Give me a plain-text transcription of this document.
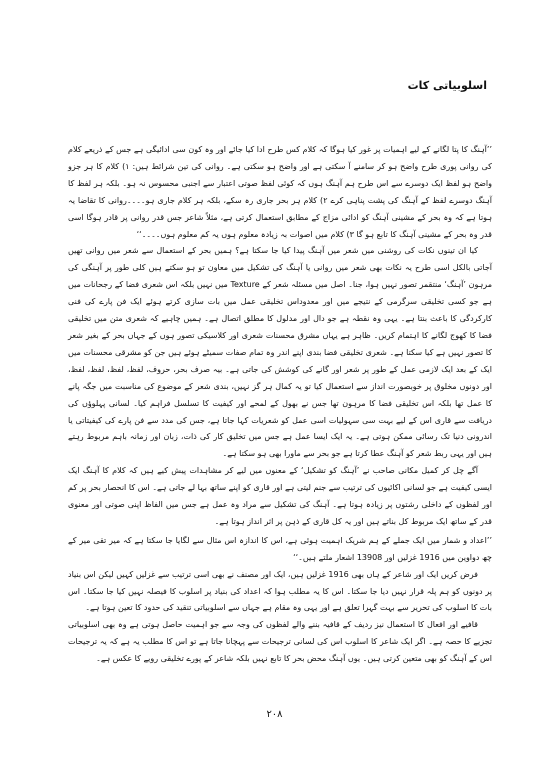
اسلوبیاتی کات

’’آہنگ کا پتا لگانے کے لیے اہمیات پر غور کیا ہوگا کہ کلام کس طرح ادا کیا جائے اور وہ کون سی ادائیگی ہے جس کے ذریعے کلام کی روانی پوری طرح واضح ہو کر سامنے آ سکتی ہے اور واضح ہو سکتی ہے۔ روانی کی تین شرائط ہیں: ۱) کلام کا ہر جزو واضح ہو لفظ ایک دوسرے سے اس طرح ہم آہنگ ہوں کہ کوئی لفظ صوتی اعتبار سے اجنبی محسوس نہ ہو۔ بلکہ ہر لفظ کا آہنگ دوسرے لفظ کے آہنگ کی پشت پناہی کرے ۲) کلام ہر بحر جاری رہ سکے، بلکہ ہر کلام جاری ہو۔۔۔۔روانی کا تقاضا یہ ہوتا ہے کہ وہ بحر کے مشینی آہنگ کو ادائی مزاج کے مطابق استعمال کرتی ہے، مثلاً شاعر جس قدر روانی پر قادر ہوگا اسی قدر وہ بحر کے مشینی آہنگ کا تابع ہو گا ۳) کلام میں اصوات بہ زیادہ معلوم ہوں یہ کم معلوم ہوں۔۔۔۔‘‘

کیا ان تینوں نکات کی روشنی میں شعر میں آہنگ پیدا کیا جا سکتا ہے؟ ہمیں بحر کے استعمال سے شعر میں روانی تھیں آجاتی بالکل اسی طرح یہ نکات بھی شعر میں روانی یا آہنگ کی تشکیل میں معاون تو ہو سکتے ہیں کلی طور پر آہنگی کی مرہون ’آہنگ‘ منتقمر تصور نہیں ہوا، جنا۔ اصل میں مسئلہ شعر کے Texture میں نہیں بلکہ اس شعری فضا کے رجحانات میں ہے جو کسی تخلیقی سرگرمی کے نتیجے میں اور معدوداس تخلیقی عمل میں بات سازی کرتے ہوئے ایک فن پارے کی فنی کارکردگی کا باعث بنتا ہے۔ یہی وہ نقطہ ہے جو دال اور مدلول کا مطلق اتصال ہے۔ ہمیں چاہیے کہ شعری متن میں تخلیقی فضا کا کھوج لگانے کا اہتمام کریں۔ ظاہر ہے یہاں مشرق محسنات شعری اور کلاسیکی تصور ہوں کے جہاں بحر کے بغیر شعر کا تصور نہیں ہے کیا سکتا ہے۔ شعری تخلیقی فضا بندی اپنے اندر وہ تمام صفات سمیٹے ہوئے ہیں جن کو مشرقی محسنات میں ایک کے بعد ایک لازمی عمل کے طور پر شعر اور گانے کی کوشش کی جاتی ہے۔ بیہ صرف بحر، حروف، لفظ، لفظ، لفظ، لفظ، اور دونوں مخلوق پر خوبصورت انداز سے استعمال کیا تو یہ کمال ہر گز نہیں، بندی شعر کے موضوع کی مناسبت میں جگہ پانے کا عمل تھا بلکہ اس تخلیقی فضا کا مرہون تھا جس نے بھول کے لمحے اور کیفیت کا تسلسل فراہم کیا۔ لسانی پہلوؤں کی دریافت سے قاری اس کے لیے بہت سی سہولیات اسی عمل کو شعریات کہا جاتا ہے، جس کی مدد سے فن پارے کی کیفیتاتی یا اندرونی دنیا تک رسائی ممکن ہوتی ہے۔ یہ ایک ایسا عمل ہے جس میں تخلیق کار کی ذات، زبان اور زمانہ باہم مربوط رہتے ہیں اور یہی ربط شعر کو آہنگ عطا کرتا ہے جو بحر سے ماورا بھی ہو سکتا ہے۔

آگے چل کر کمیل مکانی صاحب نے ’آہنگ کو تشکیل‘ کے معنوں میں لیے کر مشاہدات پیش کیے ہیں کہ کلام کا آہنگ ایک ایسی کیفیت ہے جو لسانی اکائیوں کی ترتیب سے جنم لیتی ہے اور قاری کو اپنے ساتھ بہا لے جاتی ہے۔ اس کا انحصار بحر پر کم اور لفظوں کے داخلی رشتوں پر زیادہ ہوتا ہے۔ آہنگ کی تشکیل سے مراد وہ عمل ہے جس میں الفاظ اپنی صوتی اور معنوی قدر کے ساتھ ایک مربوط کل بناتے ہیں اور یہ کل قاری کے ذہن پر اثر انداز ہوتا ہے۔

’’اعداد و شمار میں ایک جملے کے ہم شریک اہمیت ہوئی ہے، اس کا اندازہ اس مثال سے لگایا جا سکتا ہے کہ میر تقی میر کے چھ دواوین میں 1916 غزلیں اور 13908 اشعار ملتے ہیں۔‘‘

فرض کریں ایک اور شاعر کے ہاں بھی 1916 غزلیں ہیں، ایک اور مصنف نے بھی اسی ترتیب سے غزلیں کہیں لیکن اس بنیاد پر دونوں کو ہم پلہ قرار نہیں دیا جا سکتا۔ اس کا یہ مطلب ہوا کہ اعداد کی بنیاد پر اسلوب کا فیصلہ نہیں کیا جا سکتا۔ اس بات کا اسلوب کی تحریر سے بہت گہرا تعلق ہے اور یہی وہ مقام ہے جہاں سے اسلوبیاتی تنقید کی حدود کا تعین ہوتا ہے۔

قافیے اور افعال کا استعمال نیز ردیف کے قافیہ بننے والے لفظوں کی وجہ سے جو اہمیت حاصل ہوتی ہے وہ بھی اسلوبیاتی تجزیے کا حصہ ہے۔ اگر ایک شاعر کا اسلوب اس کی لسانی ترجیحات سے پہچانا جاتا ہے تو اس کا مطلب یہ ہے کہ یہ ترجیحات اس کے آہنگ کو بھی متعین کرتی ہیں۔ یوں آہنگ محض بحر کا تابع نہیں بلکہ شاعر کے پورے تخلیقی رویے کا عکس ہے۔

۲۰۸
